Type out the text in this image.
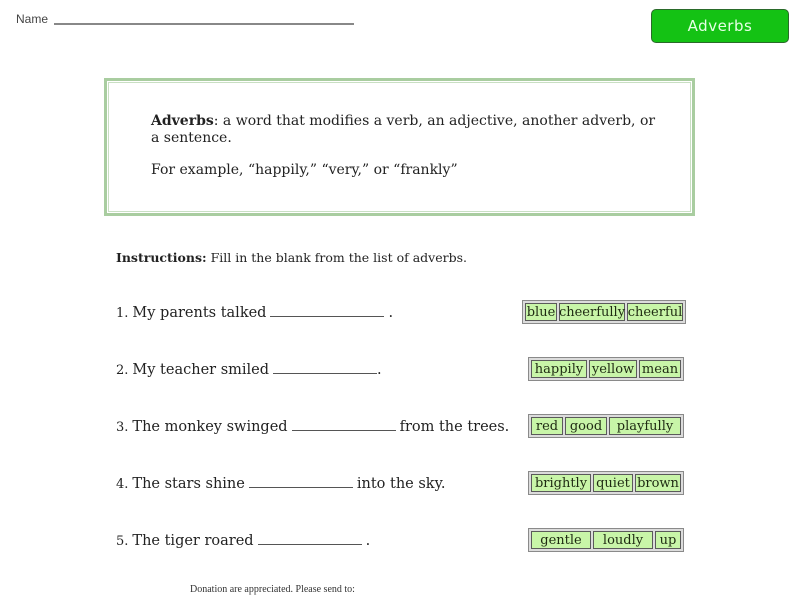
Name	Adverbs
Adverbs: a word that modifies a verb, an adjective, another adverb, or a sentence.
For example, “happily,” “very,” or “frankly”
Instructions: Fill in the blank from the list of adverbs.
1. My parents talked	.	blue cheerfully cheerful
2. My teacher smiled	.	happily yellow mean
3. The monkey swinged	from the trees.	red good	playfully
4. The stars shine	into the sky.	brightly quiet brown
5. The tiger roared	.	gentle	loudly	up
Donation are appreciated. Please send to:
